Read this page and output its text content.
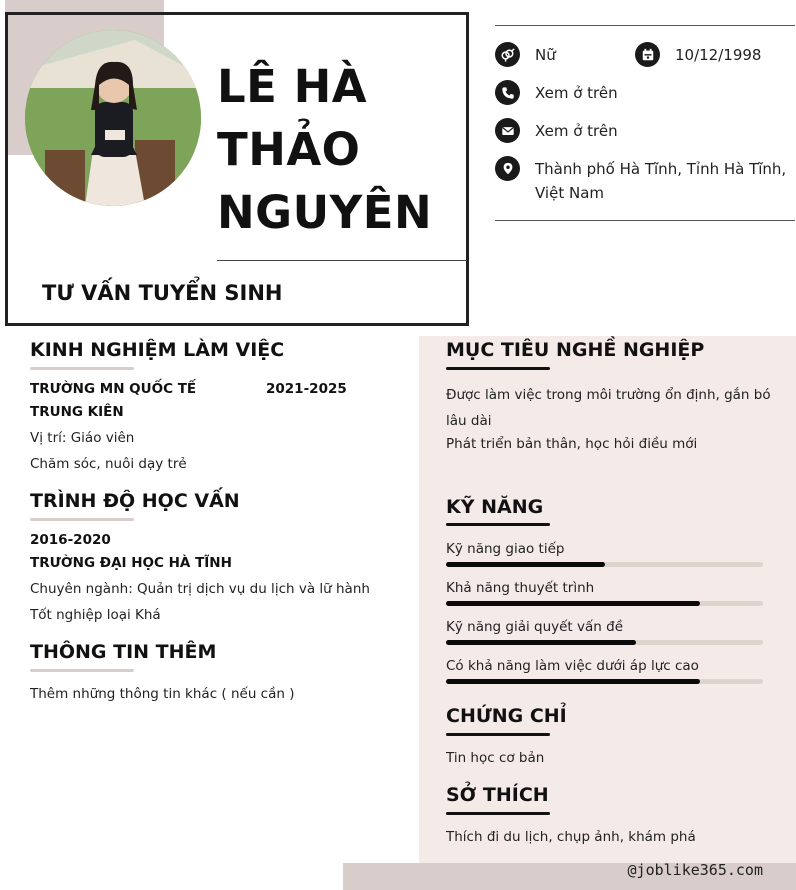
LÊ HÀ
THẢO
NGUYÊN
TƯ VẤN TUYỂN SINH
Nữ	10/12/1998
Xem ở trên
Xem ở trên
Thành phố Hà Tĩnh, Tỉnh Hà Tĩnh, Việt Nam
KINH NGHIỆM LÀM VIỆC
TRƯỜNG MN QUỐC TẾ TRUNG KIÊN
2021-2025
Vị trí: Giáo viên
Chăm sóc, nuôi dạy trẻ
TRÌNH ĐỘ HỌC VẤN
2016-2020
TRƯỜNG ĐẠI HỌC HÀ TĨNH
Chuyên ngành: Quản trị dịch vụ du lịch và lữ hành
Tốt nghiệp loại Khá
THÔNG TIN THÊM
Thêm những thông tin khác ( nếu cần )
MỤC TIÊU NGHỀ NGHIỆP
Được làm việc trong môi trường ổn định, gắn bó lâu dài
Phát triển bản thân, học hỏi điều mới
KỸ NĂNG
Kỹ năng giao tiếp
Khả năng thuyết trình
Kỹ năng giải quyết vấn đề
Có khả năng làm việc dưới áp lực cao
CHỨNG CHỈ
Tin học cơ bản
SỞ THÍCH
Thích đi du lịch, chụp ảnh, khám phá
@joblike365.com
